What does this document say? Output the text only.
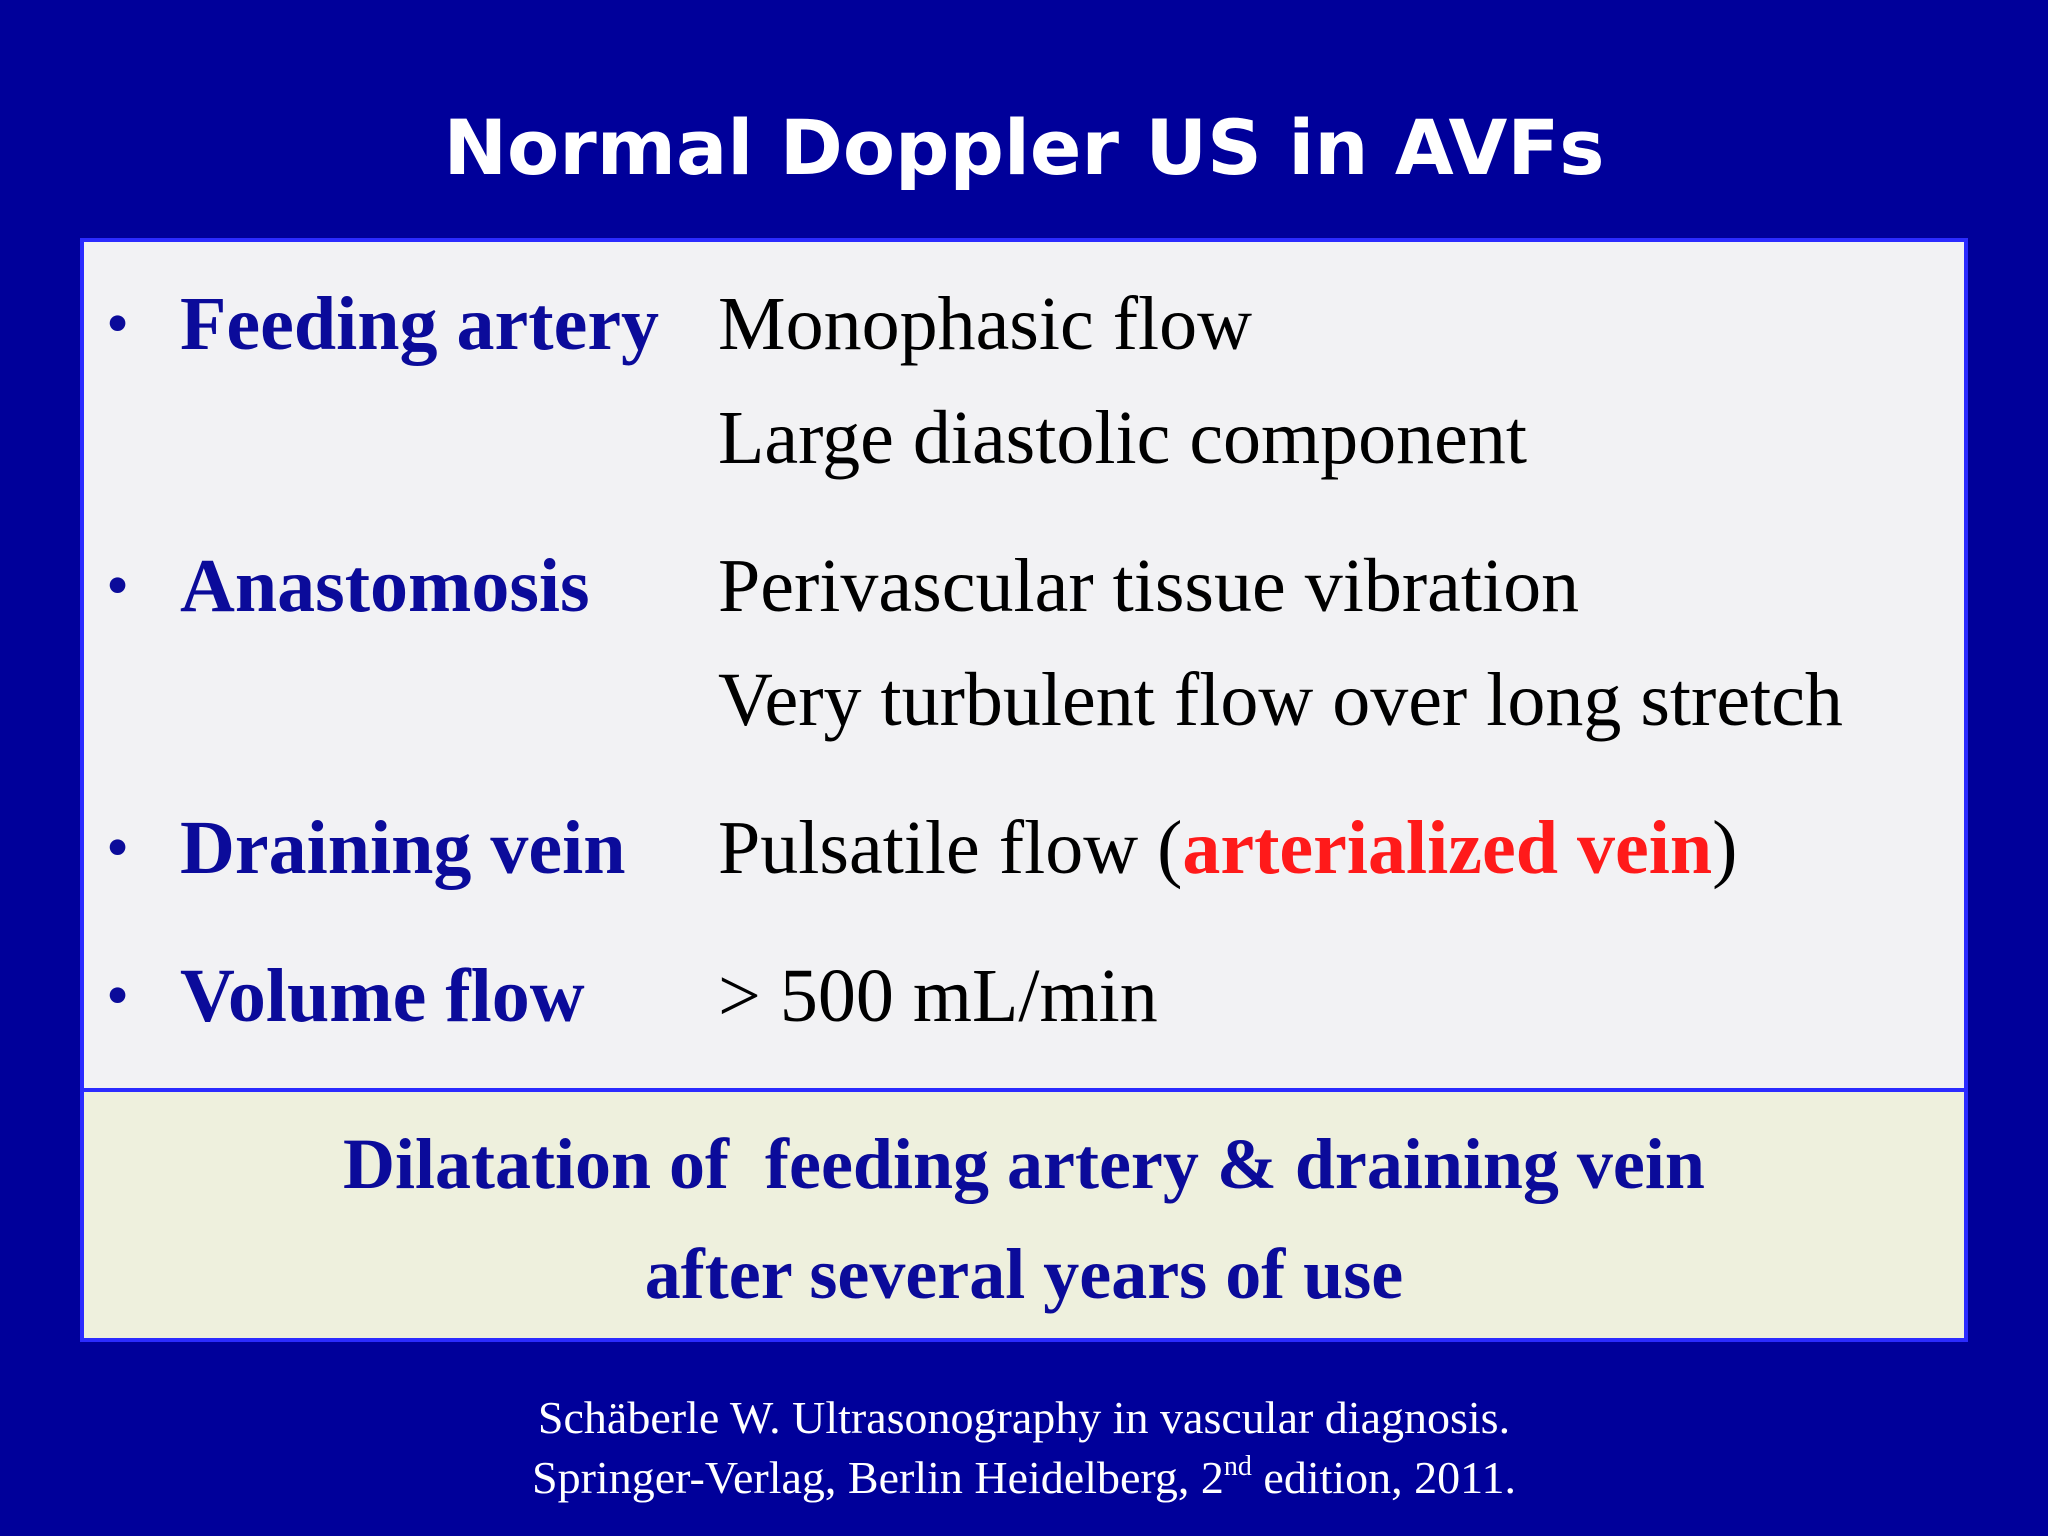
Normal Doppler US in AVFs
• Feeding artery Monophasic flow
Large diastolic component
• Anastomosis Perivascular tissue vibration
Very turbulent flow over long stretch
• Draining vein Pulsatile flow (arterialized vein)
• Volume flow > 500 mL/min
Dilatation of  feeding artery & draining vein
after several years of use
Schäberle W. Ultrasonography in vascular diagnosis.
Springer-Verlag, Berlin Heidelberg, 2nd edition, 2011.
